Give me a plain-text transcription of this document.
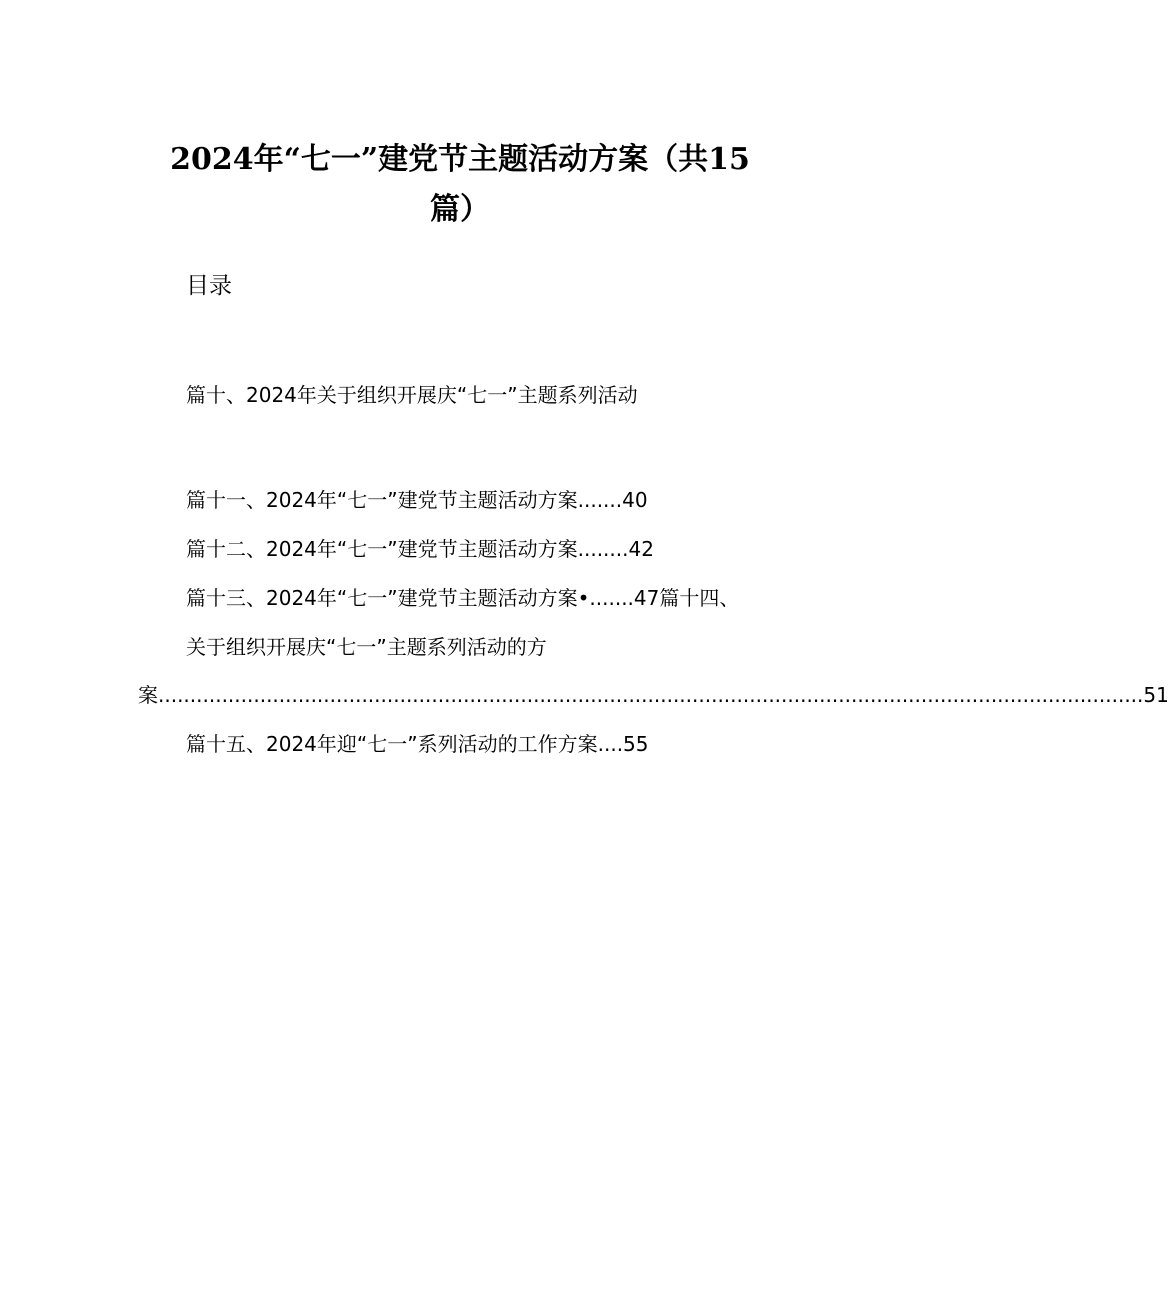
2024年“七一”建党节主题活动方案（共15
篇）
目录
篇十、2024年关于组织开展庆“七一”主题系列活动
篇十一、2024年“七一”建党节主题活动方案.......40
篇十二、2024年“七一”建党节主题活动方案........42
篇十三、2024年“七一”建党节主题活动方案•.......47篇十四、
关于组织开展庆“七一”主题系列活动的方
案 ........................................................................................................................................................... 51
篇十五、2024年迎“七一”系列活动的工作方案....55
